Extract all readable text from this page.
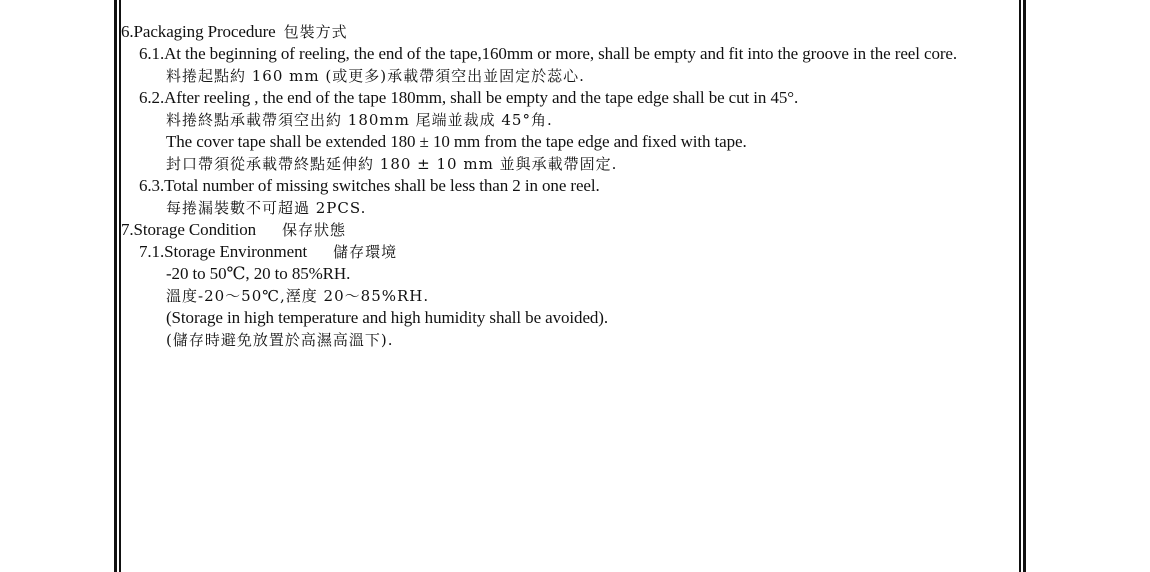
6.Packaging Procedure 包裝方式
6.1.At the beginning of reeling, the end of the tape,160mm or more, shall be empty and fit into the groove in the reel core.
料捲起點約 160 mm (或更多)承載帶須空出並固定於蕊心.
6.2.After reeling , the end of the tape 180mm, shall be empty and the tape edge shall be cut in 45°.
料捲終點承載帶須空出約 180mm 尾端並裁成 45°角.
The cover tape shall be extended 180 ± 10 mm from the tape edge and fixed with tape.
封口帶須從承載帶終點延伸約 180 ± 10 mm 並與承載帶固定.
6.3.Total number of missing switches shall be less than 2 in one reel.
每捲漏裝數不可超過 2PCS.
7.Storage Condition 保存狀態
7.1.Storage Environment 儲存環境
-20 to 50℃, 20 to 85%RH.
溫度-20～50℃,溼度 20～85%RH.
(Storage in high temperature and high humidity shall be avoided).
(儲存時避免放置於高濕高溫下).
